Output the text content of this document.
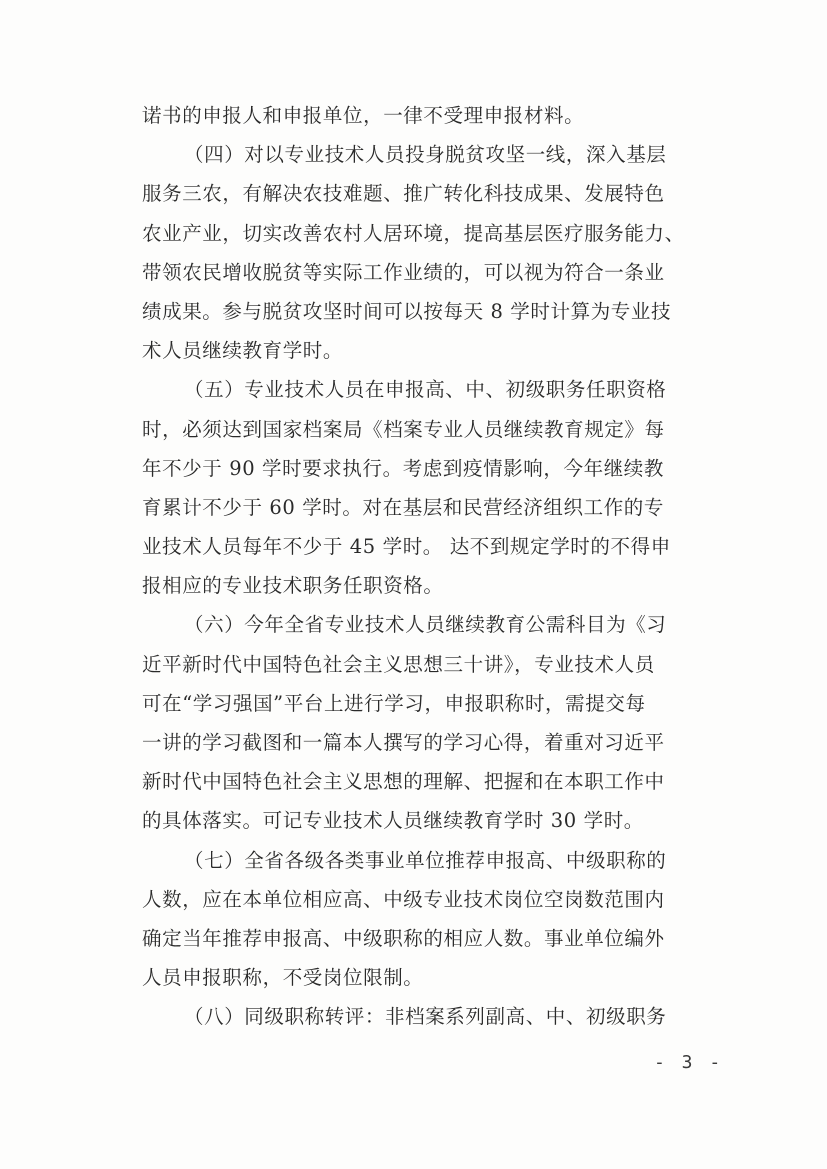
诺书的申报人和申报单位，一律不受理申报材料。
（四）对以专业技术人员投身脱贫攻坚一线，深入基层
服务三农，有解决农技难题、推广转化科技成果、发展特色
农业产业，切实改善农村人居环境，提高基层医疗服务能力、
带领农民增收脱贫等实际工作业绩的，可以视为符合一条业
绩成果。参与脱贫攻坚时间可以按每天 8 学时计算为专业技
术人员继续教育学时。
（五）专业技术人员在申报高、中、初级职务任职资格
时，必须达到国家档案局《档案专业人员继续教育规定》每
年不少于 90 学时要求执行。考虑到疫情影响，今年继续教
育累计不少于 60 学时。对在基层和民营经济组织工作的专
业技术人员每年不少于 45 学时。 达不到规定学时的不得申
报相应的专业技术职务任职资格。
（六）今年全省专业技术人员继续教育公需科目为《习
近平新时代中国特色社会主义思想三十讲》，专业技术人员
可在“学习强国”平台上进行学习，申报职称时，需提交每
一讲的学习截图和一篇本人撰写的学习心得，着重对习近平
新时代中国特色社会主义思想的理解、把握和在本职工作中
的具体落实。可记专业技术人员继续教育学时 30 学时。
（七）全省各级各类事业单位推荐申报高、中级职称的
人数，应在本单位相应高、中级专业技术岗位空岗数范围内
确定当年推荐申报高、中级职称的相应人数。事业单位编外
人员申报职称，不受岗位限制。
（八）同级职称转评：非档案系列副高、中、初级职务
- 3 -
